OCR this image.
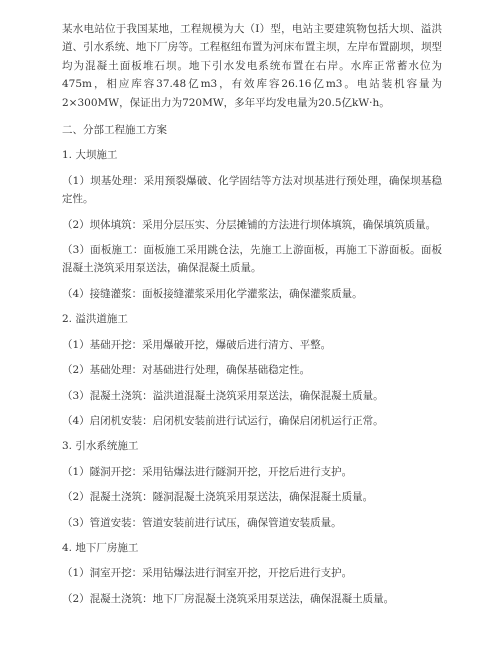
某水电站位于我国某地，工程规模为大（I）型，电站主要建筑物包括大坝、溢洪道、引水系统、地下厂房等。工程枢纽布置为河床布置主坝，左岸布置副坝，坝型均为混凝土面板堆石坝。地下引水发电系统布置在右岸。水库正常蓄水位为 475m，相应库容37.48亿m3，有效库容26.16亿m3。电站装机容量为2×300MW，保证出力为720MW，多年平均发电量为20.5亿kW·h。

二、分部工程施工方案

1. 大坝施工

（1）坝基处理：采用预裂爆破、化学固结等方法对坝基进行预处理，确保坝基稳定性。

（2）坝体填筑：采用分层压实、分层摊铺的方法进行坝体填筑，确保填筑质量。

（3）面板施工：面板施工采用跳仓法，先施工上游面板，再施工下游面板。面板混凝土浇筑采用泵送法，确保混凝土质量。

（4）接缝灌浆：面板接缝灌浆采用化学灌浆法，确保灌浆质量。

2. 溢洪道施工

（1）基础开挖：采用爆破开挖，爆破后进行清方、平整。

（2）基础处理：对基础进行处理，确保基础稳定性。

（3）混凝土浇筑：溢洪道混凝土浇筑采用泵送法，确保混凝土质量。

（4）启闭机安装：启闭机安装前进行试运行，确保启闭机运行正常。

3. 引水系统施工

（1）隧洞开挖：采用钻爆法进行隧洞开挖，开挖后进行支护。

（2）混凝土浇筑：隧洞混凝土浇筑采用泵送法，确保混凝土质量。

（3）管道安装：管道安装前进行试压，确保管道安装质量。

4. 地下厂房施工

（1）洞室开挖：采用钻爆法进行洞室开挖，开挖后进行支护。

（2）混凝土浇筑：地下厂房混凝土浇筑采用泵送法，确保混凝土质量。
